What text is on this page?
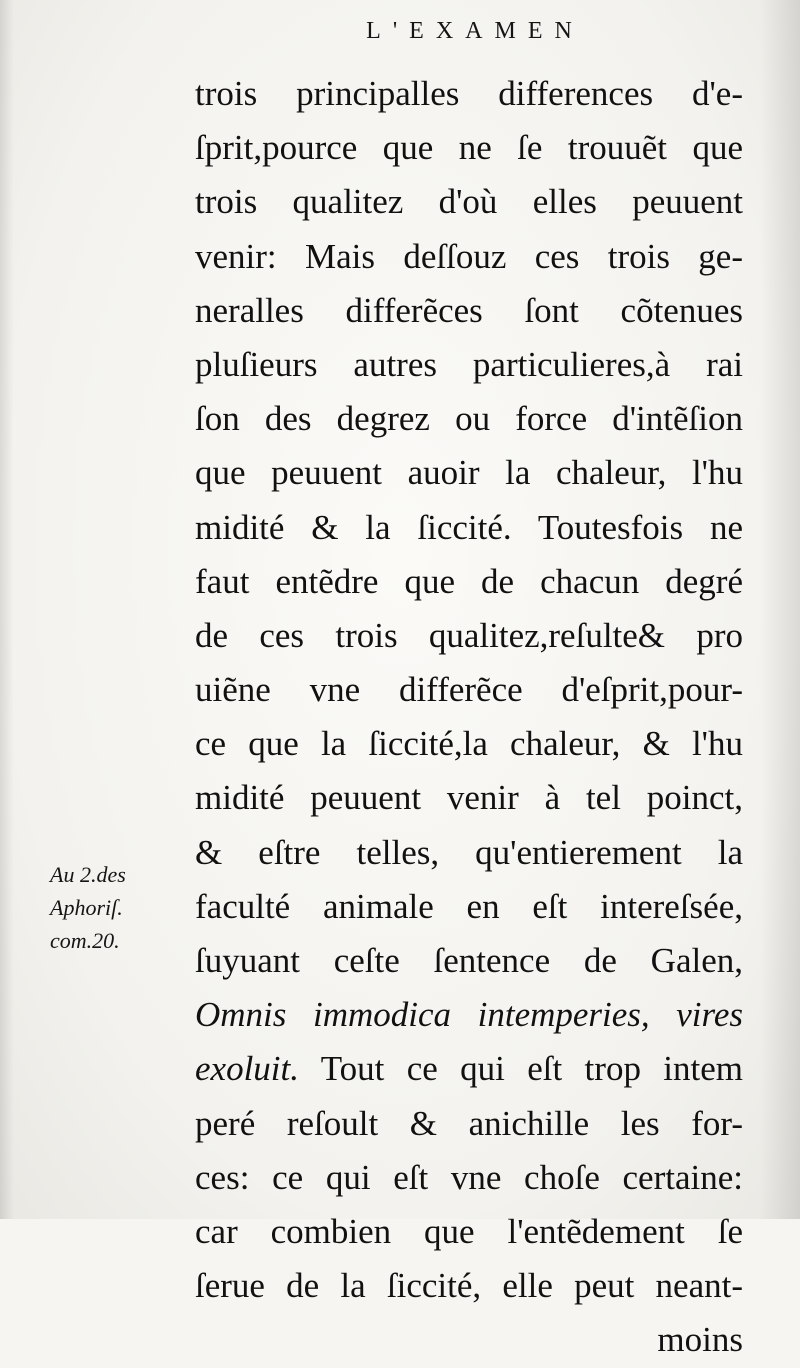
L'EXAMEN
trois principalles differences d'e-
ſprit,pource que ne ſe trouuẽt que
trois qualitez d'où elles peuuent
venir: Mais deſſouz ces trois ge-
neralles differẽces ſont cõtenues
pluſieurs autres particulieres,à rai
ſon des degrez ou force d'intẽſion
que peuuent auoir la chaleur, l'hu
midité & la ſiccité. Toutesfois ne
faut entẽdre que de chacun degré
de ces trois qualitez,reſulte& pro
uiẽne vne differẽce d'eſprit,pour-
ce que la ſiccité,la chaleur, & l'hu
midité peuuent venir à tel poinct,
& eſtre telles, qu'entierement la
faculté animale en eſt intereſsée,
ſuyuant ceſte ſentence de Galen,
Omnis immodica intemperies, vires
exoluit. Tout ce qui eſt trop intem
peré reſoult & anichille les for-
ces: ce qui eſt vne choſe certaine:
car combien que l'entẽdement ſe
ſerue de la ſiccité, elle peut neant-
moins
Au 2.des
Aphoriſ.
com.20.
